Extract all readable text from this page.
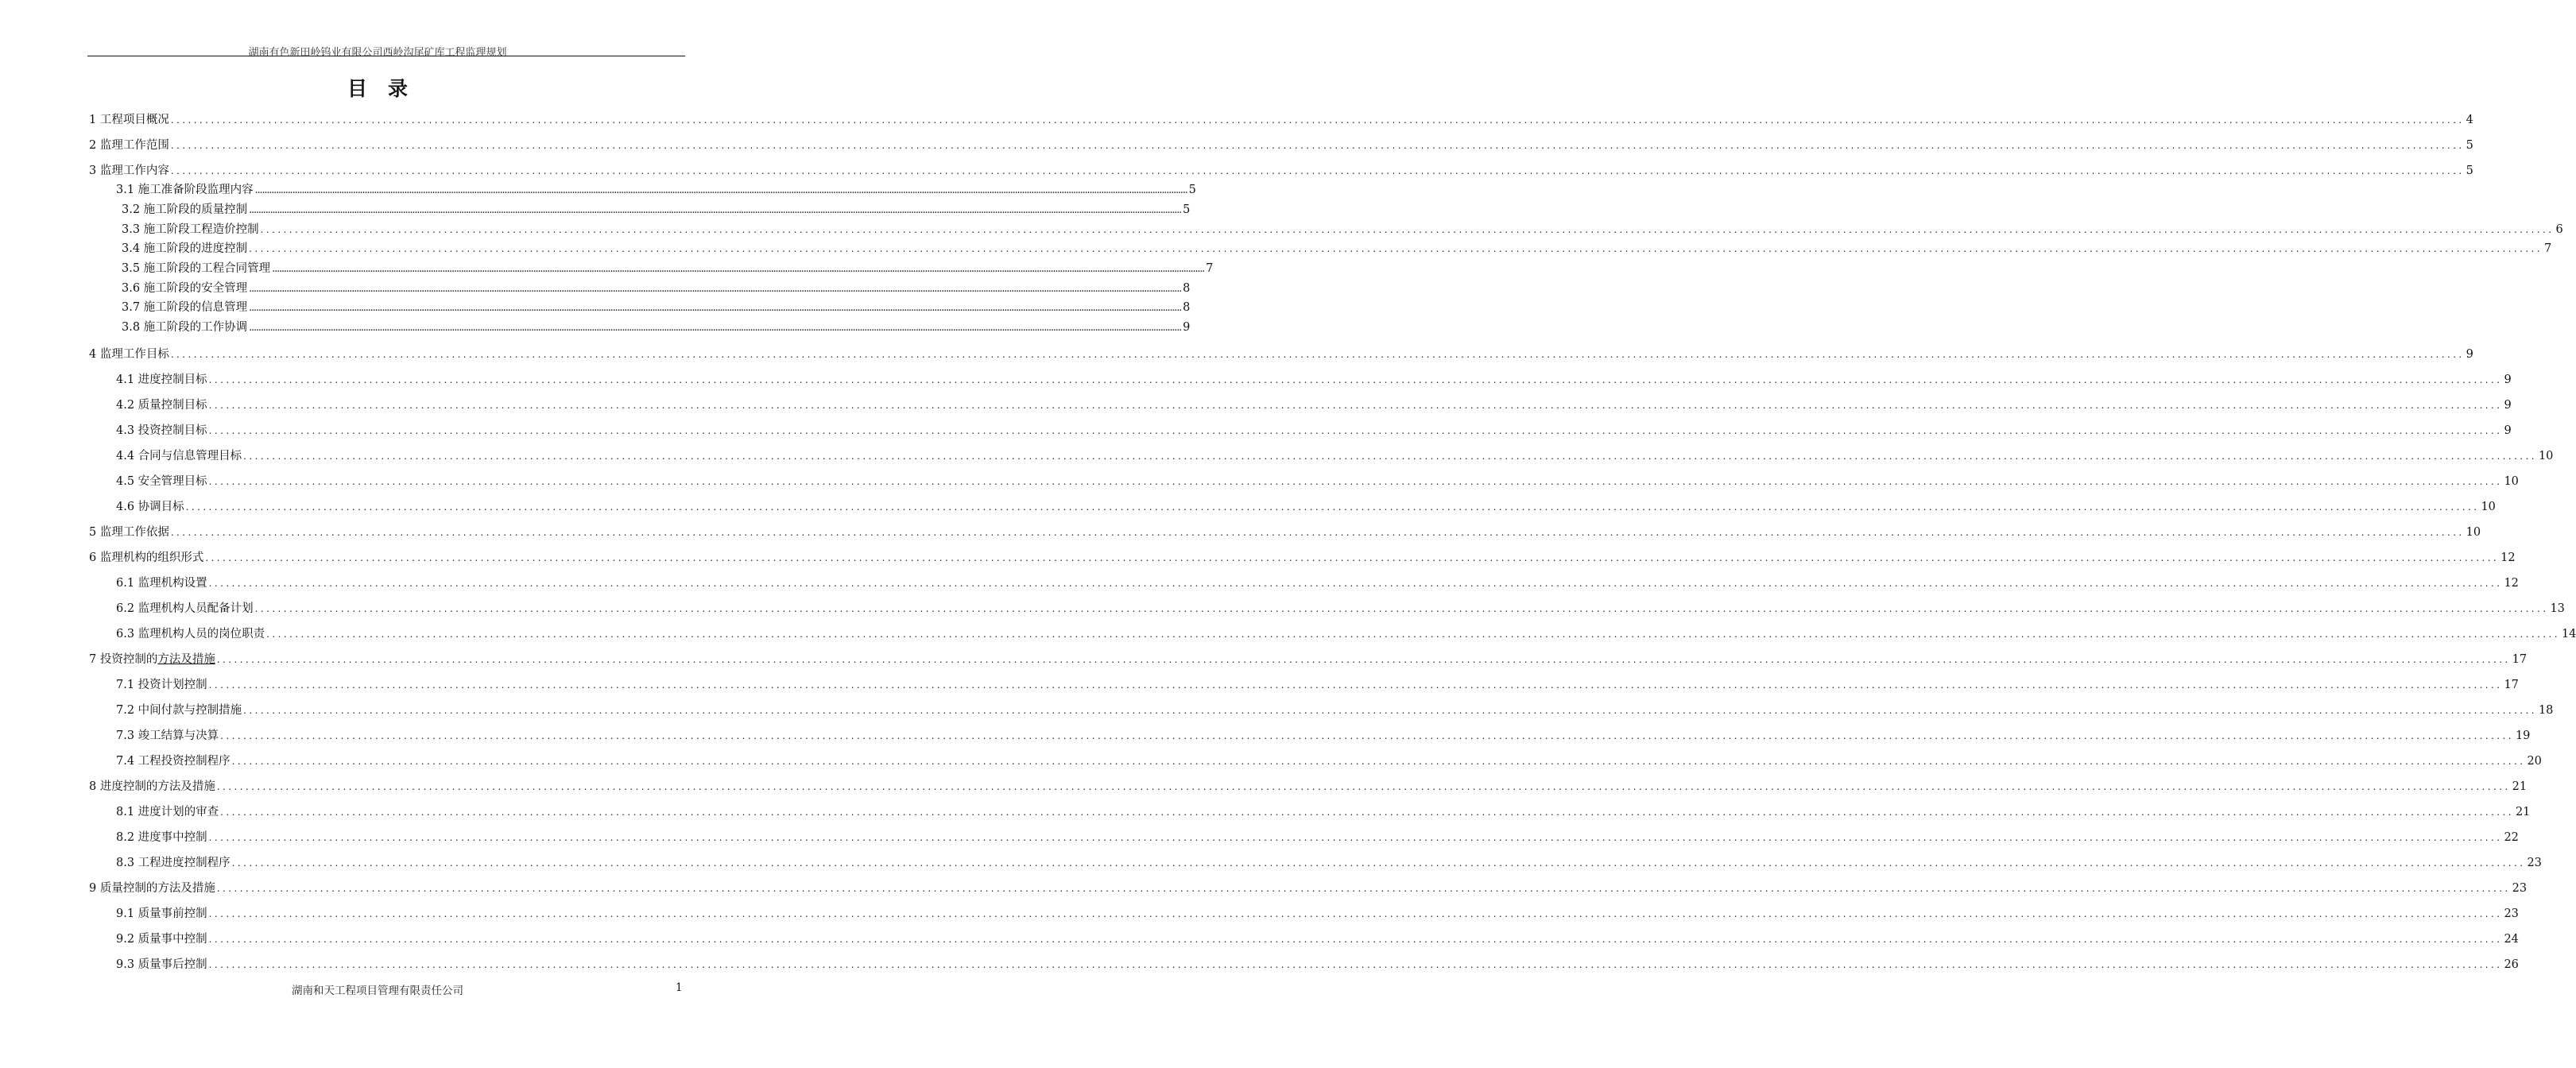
湖南有色新田岭钨业有限公司西岭沟尾矿库工程监理规划
目录
1 工程项目概况 ................................................................................................................................................................................................................................................................................................................................................................................................................ 4
2 监理工作范围 ................................................................................................................................................................................................................................................................................................................................................................................................................ 5
3 监理工作内容 ................................................................................................................................................................................................................................................................................................................................................................................................................ 5
3.1 施工准备阶段监理内容 ................................................................................................................................................................................................................................................................................................................................................................................................................ 5
3.2 施工阶段的质量控制 ................................................................................................................................................................................................................................................................................................................................................................................................................ 5
3.3 施工阶段工程造价控制 ................................................................................................................................................................................................................................................................................................................................................................................................................ 6
3.4 施工阶段的进度控制 ................................................................................................................................................................................................................................................................................................................................................................................................................ 7
3.5 施工阶段的工程合同管理 ................................................................................................................................................................................................................................................................................................................................................................................................................ 7
3.6 施工阶段的安全管理 ................................................................................................................................................................................................................................................................................................................................................................................................................ 8
3.7 施工阶段的信息管理 ................................................................................................................................................................................................................................................................................................................................................................................................................ 8
3.8 施工阶段的工作协调 ................................................................................................................................................................................................................................................................................................................................................................................................................ 9
4 监理工作目标 ................................................................................................................................................................................................................................................................................................................................................................................................................ 9
4.1 进度控制目标 ................................................................................................................................................................................................................................................................................................................................................................................................................ 9
4.2 质量控制目标 ................................................................................................................................................................................................................................................................................................................................................................................................................ 9
4.3 投资控制目标 ................................................................................................................................................................................................................................................................................................................................................................................................................ 9
4.4 合同与信息管理目标 ................................................................................................................................................................................................................................................................................................................................................................................................................ 10
4.5 安全管理目标 ................................................................................................................................................................................................................................................................................................................................................................................................................ 10
4.6 协调目标 ................................................................................................................................................................................................................................................................................................................................................................................................................ 10
5 监理工作依据 ................................................................................................................................................................................................................................................................................................................................................................................................................ 10
6 监理机构的组织形式 ................................................................................................................................................................................................................................................................................................................................................................................................................ 12
6.1 监理机构设置 ................................................................................................................................................................................................................................................................................................................................................................................................................ 12
6.2 监理机构人员配备计划 ................................................................................................................................................................................................................................................................................................................................................................................................................ 13
6.3 监理机构人员的岗位职责 ................................................................................................................................................................................................................................................................................................................................................................................................................ 14
7 投资控制的方法及措施 ................................................................................................................................................................................................................................................................................................................................................................................................................ 17
7.1 投资计划控制 ................................................................................................................................................................................................................................................................................................................................................................................................................ 17
7.2 中间付款与控制措施 ................................................................................................................................................................................................................................................................................................................................................................................................................ 18
7.3 竣工结算与决算 ................................................................................................................................................................................................................................................................................................................................................................................................................ 19
7.4 工程投资控制程序 ................................................................................................................................................................................................................................................................................................................................................................................................................ 20
8 进度控制的方法及措施 ................................................................................................................................................................................................................................................................................................................................................................................................................ 21
8.1 进度计划的审查 ................................................................................................................................................................................................................................................................................................................................................................................................................ 21
8.2 进度事中控制 ................................................................................................................................................................................................................................................................................................................................................................................................................ 22
8.3 工程进度控制程序 ................................................................................................................................................................................................................................................................................................................................................................................................................ 23
9 质量控制的方法及措施 ................................................................................................................................................................................................................................................................................................................................................................................................................ 23
9.1 质量事前控制 ................................................................................................................................................................................................................................................................................................................................................................................................................ 23
9.2 质量事中控制 ................................................................................................................................................................................................................................................................................................................................................................................................................ 24
9.3 质量事后控制 ................................................................................................................................................................................................................................................................................................................................................................................................................ 26
湖南和天工程项目管理有限责任公司	1
